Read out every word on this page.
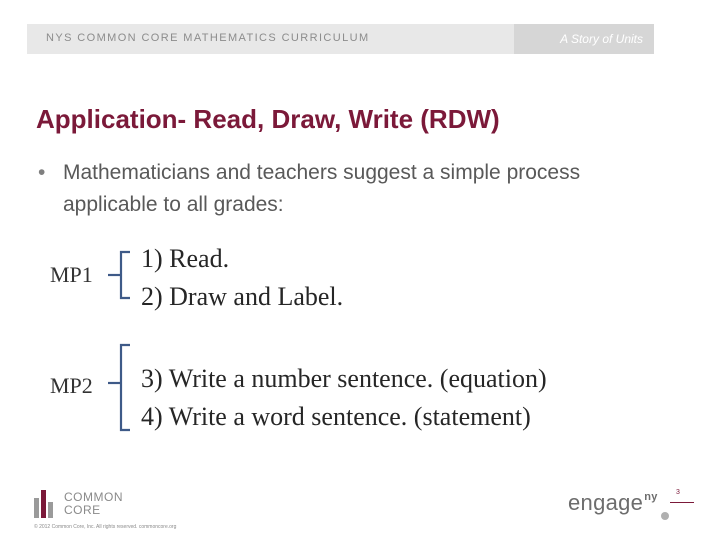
NYS COMMON CORE MATHEMATICS CURRICULUM	A Story of Units
Application- Read, Draw, Write (RDW)
• Mathematicians and teachers suggest a simple process applicable to all grades:
MP1
1) Read.
2) Draw and Label.
MP2 3) Write a number sentence. (equation)
4) Write a word sentence. (statement)
COMMON
CORE
© 2012 Common Core, Inc. All rights reserved. commoncore.org
engage$^{ny}$	3
